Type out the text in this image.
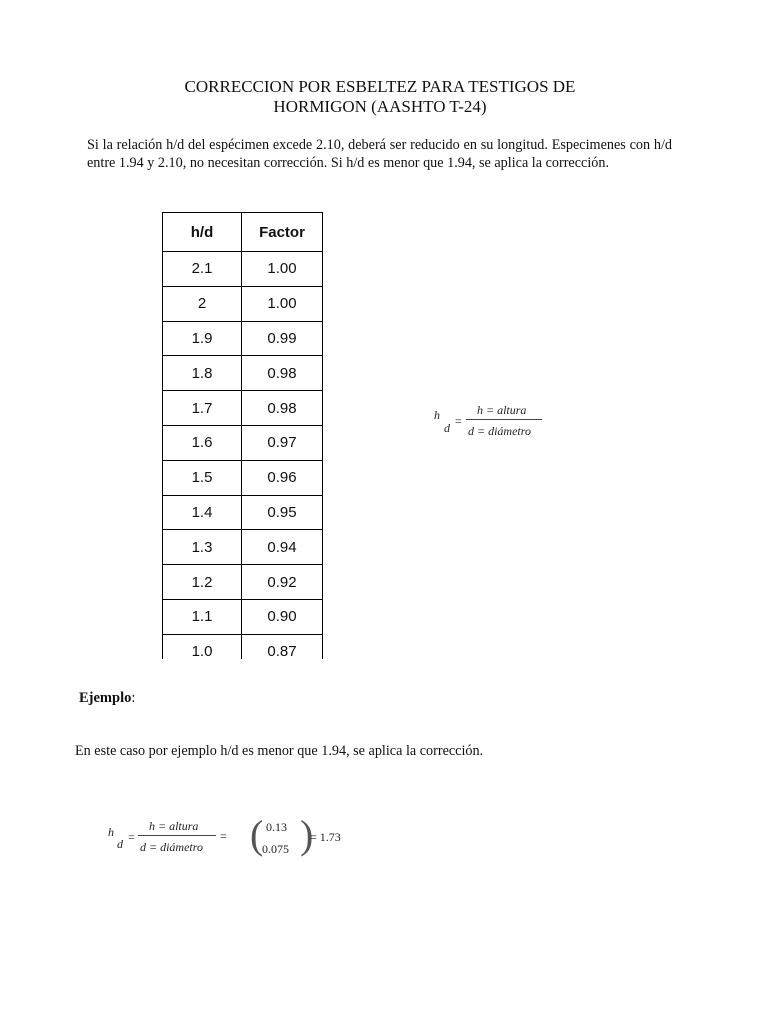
CORRECCION POR ESBELTEZ PARA TESTIGOS DE
HORMIGON (AASHTO T-24)

Si la relación h/d del espécimen excede 2.10, deberá ser reducido en su longitud. Especimenes con h/d entre 1.94 y 2.10, no necesitan corrección. Si h/d es menor que 1.94, se aplica la corrección.

h/d	Factor
2.1	1.00
2	1.00
1.9	0.99
1.8	0.98
1.7	0.98
1.6	0.97
1.5	0.96
1.4	0.95
1.3	0.94
1.2	0.92
1.1	0.90
1.0	0.87
h
d =
h = altura
d = diámetro

Ejemplo:

En este caso por ejemplo h/d es menor que 1.94, se aplica la corrección.

h
d =
h = altura
d = diámetro
= ( 0.13
0.075 )
= 1.73
